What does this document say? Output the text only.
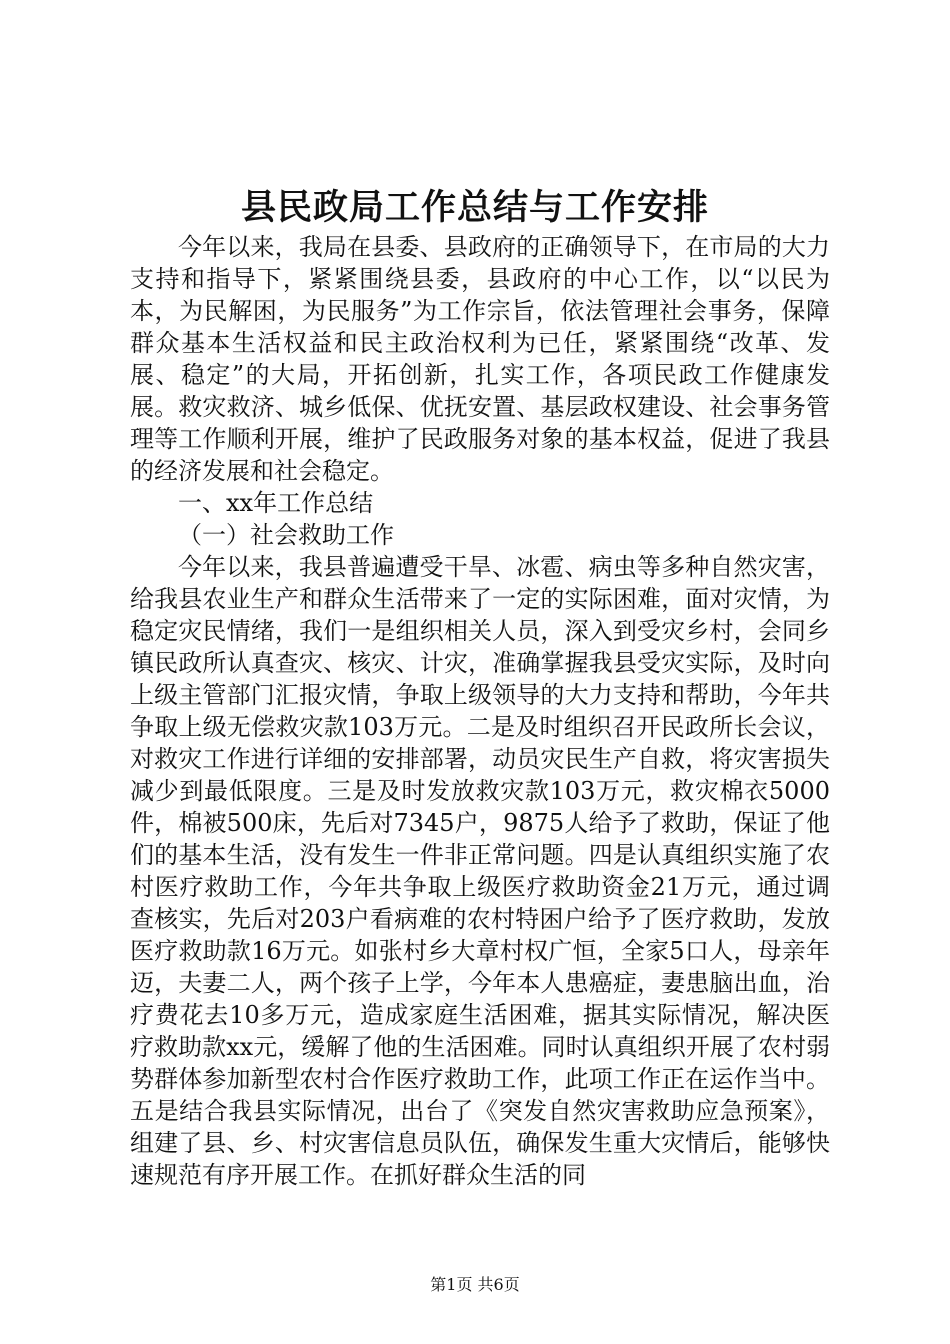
县民政局工作总结与工作安排

今年以来，我局在县委、县政府的正确领导下，在市局的大力支持和指导下，紧紧围绕县委，县政府的中心工作，以“以民为本，为民解困，为民服务”为工作宗旨，依法管理社会事务，保障群众基本生活权益和民主政治权利为已任，紧紧围绕“改革、发展、稳定”的大局，开拓创新，扎实工作，各项民政工作健康发展。救灾救济、城乡低保、优抚安置、基层政权建设、社会事务管理等工作顺利开展，维护了民政服务对象的基本权益，促进了我县的经济发展和社会稳定。

一、xx年工作总结

（一）社会救助工作

今年以来，我县普遍遭受干旱、冰雹、病虫等多种自然灾害，给我县农业生产和群众生活带来了一定的实际困难，面对灾情，为稳定灾民情绪，我们一是组织相关人员，深入到受灾乡村，会同乡镇民政所认真查灾、核灾、计灾，准确掌握我县受灾实际，及时向上级主管部门汇报灾情，争取上级领导的大力支持和帮助，今年共争取上级无偿救灾款103万元。二是及时组织召开民政所长会议，对救灾工作进行详细的安排部署，动员灾民生产自救，将灾害损失减少到最低限度。三是及时发放救灾款103万元，救灾棉衣5000件，棉被500床，先后对7345户，9875人给予了救助，保证了他们的基本生活，没有发生一件非正常问题。四是认真组织实施了农村医疗救助工作，今年共争取上级医疗救助资金21万元，通过调查核实，先后对203户看病难的农村特困户给予了医疗救助，发放医疗救助款16万元。如张村乡大章村权广恒，全家5口人，母亲年迈，夫妻二人，两个孩子上学，今年本人患癌症，妻患脑出血，治疗费花去10多万元，造成家庭生活困难，据其实际情况，解决医疗救助款xx元，缓解了他的生活困难。同时认真组织开展了农村弱势群体参加新型农村合作医疗救助工作，此项工作正在运作当中。五是结合我县实际情况，出台了《突发自然灾害救助应急预案》，组建了县、乡、村灾害信息员队伍，确保发生重大灾情后，能够快速规范有序开展工作。在抓好群众生活的同

第1页 共6页
